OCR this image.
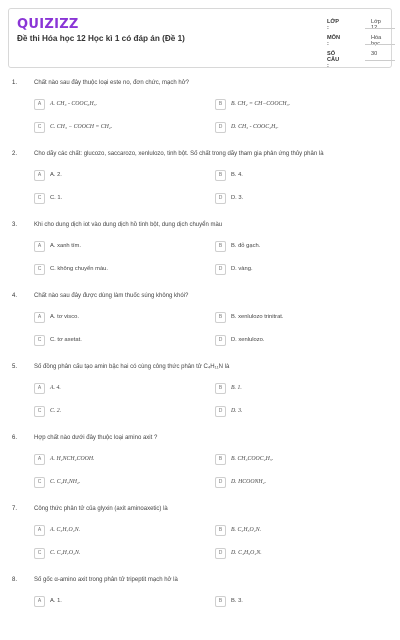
QUIZIZZ
Đề thi Hóa học 12 Học kì 1 có đáp án (Đề 1)
LỚP :
Lớp 12
MÔN :
Hóa học
SỐ CÂU :
30
1.	Chất nào sau đây thuộc loại este no, đơn chức, mạch hở?
A	A. CH₃ - COOC₆H₅.	B	B. CH₂ = CH−COOCH₃.
C	C. CH₃ − COOCH = CH₂.	D	D. CH₃ - COOC₂H₅.
2.	Cho dãy các chất: glucozo, saccarozo, xenlulozo, tinh bột. Số chất trong dãy tham gia phản ứng thủy phân là
A	A. 2.	B	B. 4.
C	C. 1.	D	D. 3.
3.	Khi cho dung dịch iot vào dung dịch hồ tinh bột, dung dịch chuyển màu
A	A. xanh tím.	B	B. đỏ gạch.
C	C. không chuyển màu.	D	D. vàng.
4.	Chất nào sau đây được dùng làm thuốc súng không khói?
A	A. tơ visco.	B	B. xenlulozo trinitrat.
C	C. tơ axetat.	D	D. xenlulozo.
5.	Số đồng phân cấu tạo amin bậc hai có cùng công thức phân tử C₄H₁₁N là
A	A. 4.	B	B. 1.
C	C. 2.	D	D. 3.
6.	Hợp chất nào dưới đây thuộc loại amino axit ?
A	A. H₂NCH₂COOH.	B	B. CH₃COOC₂H₅.
C	C. C₂H₅NH₂.	D	D. HCOONH₄.
7.	Công thức phân tử của glyxin (axit aminoaxetic) là
A	A. C₃H₇O₂N.	B	B. C₂H₅O₂N.
C	C. C₂H₇O₂N.	D	D. C₄H₉O₂N.
8.	Số gốc α-amino axit trong phân tử tripeptit mạch hở là
A	A. 1.	B	B. 3.
